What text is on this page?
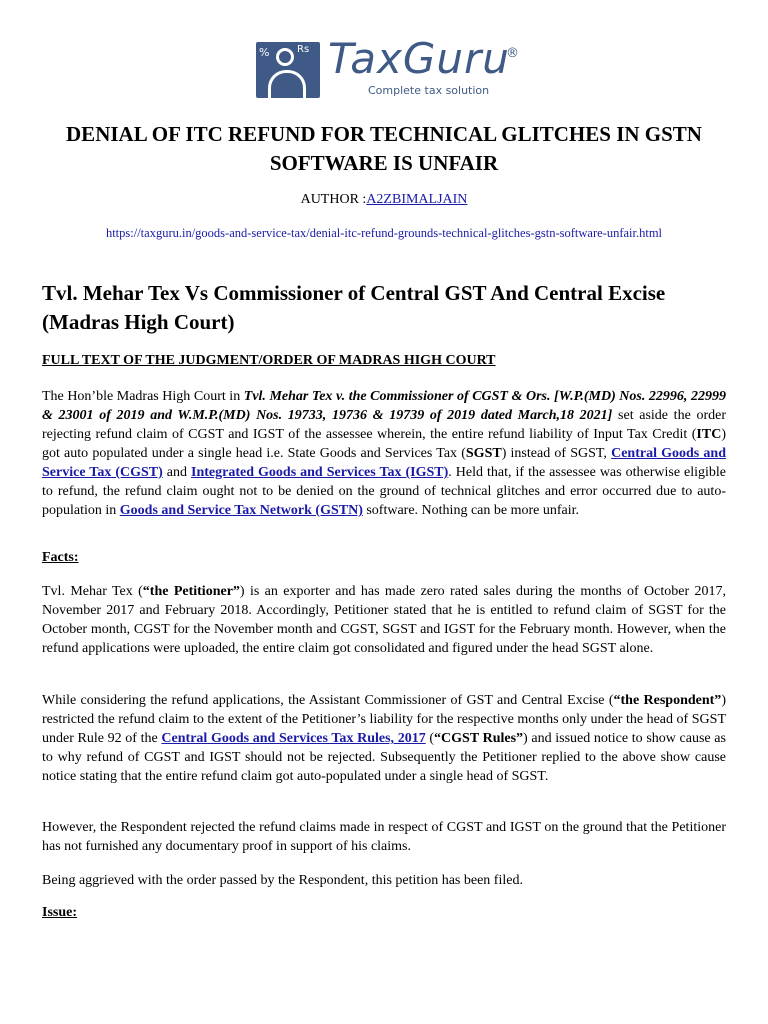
%	Rs TaxGuru
®
Complete tax solution
DENIAL OF ITC REFUND FOR TECHNICAL GLITCHES IN GSTN SOFTWARE IS UNFAIR
AUTHOR :A2ZBIMALJAIN
https://taxguru.in/goods-and-service-tax/denial-itc-refund-grounds-technical-glitches-gstn-software-unfair.html
Tvl. Mehar Tex Vs Commissioner of Central GST And Central Excise (Madras High Court)
FULL TEXT OF THE JUDGMENT/ORDER OF MADRAS HIGH COURT
The Hon’ble Madras High Court in Tvl. Mehar Tex v. the Commissioner of CGST & Ors. [W.P.(MD) Nos. 22996, 22999 & 23001 of 2019 and W.M.P.(MD) Nos. 19733, 19736 & 19739 of 2019 dated March,18 2021] set aside the order rejecting refund claim of CGST and IGST of the assessee wherein, the entire refund liability of Input Tax Credit (ITC) got auto populated under a single head i.e. State Goods and Services Tax (SGST) instead of SGST, Central Goods and Service Tax (CGST) and Integrated Goods and Services Tax (IGST). Held that, if the assessee was otherwise eligible to refund, the refund claim ought not to be denied on the ground of technical glitches and error occurred due to auto-population in Goods and Service Tax Network (GSTN) software. Nothing can be more unfair.
Facts:
Tvl. Mehar Tex (“the Petitioner”) is an exporter and has made zero rated sales during the months of October 2017, November 2017 and February 2018. Accordingly, Petitioner stated that he is entitled to refund claim of SGST for the October month, CGST for the November month and CGST, SGST and IGST for the February month. However, when the refund applications were uploaded, the entire claim got consolidated and figured under the head SGST alone.
While considering the refund applications, the Assistant Commissioner of GST and Central Excise (“the Respondent”) restricted the refund claim to the extent of the Petitioner’s liability for the respective months only under the head of SGST under Rule 92 of the Central Goods and Services Tax Rules, 2017 (“CGST Rules”) and issued notice to show cause as to why refund of CGST and IGST should not be rejected. Subsequently the Petitioner replied to the above show cause notice stating that the entire refund claim got auto-populated under a single head of SGST.
However, the Respondent rejected the refund claims made in respect of CGST and IGST on the ground that the Petitioner has not furnished any documentary proof in support of his claims.
Being aggrieved with the order passed by the Respondent, this petition has been filed.
Issue:
